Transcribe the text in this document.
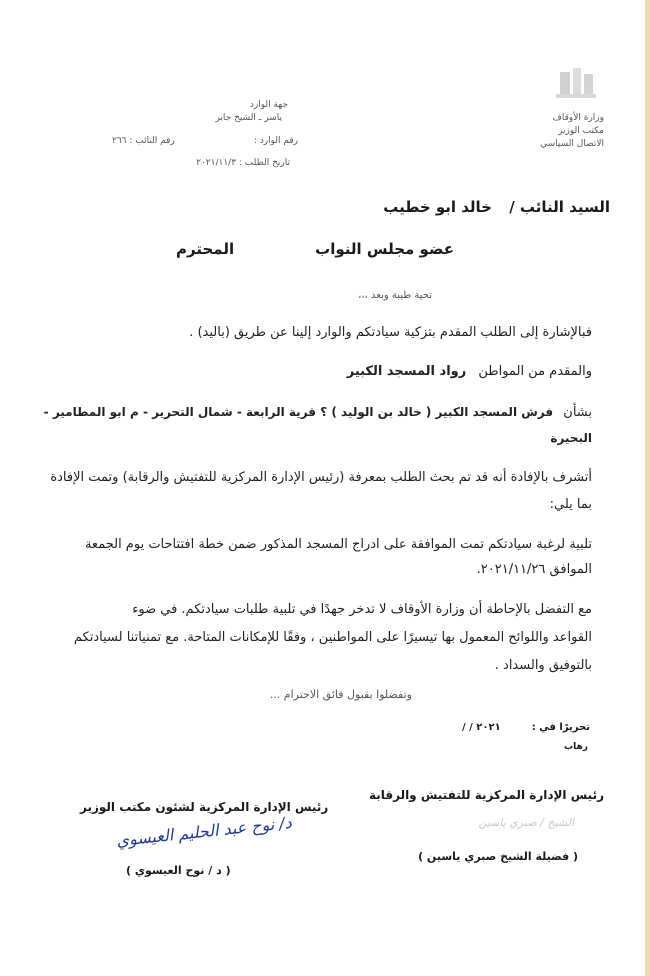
وزارة الأوقاف
مكتب الوزير
الاتصال السياسي
جهة الوارد
ياسر ـ الشيخ جابر
رقم الوارد :
رقم النائب : ٢٦٦
تاريخ الطلب : ٢٠٢١/١١/٣
السيد النائب /
خالد ابو خطيب
عضو مجلس النواب
المحترم
تحية طيبة وبعد ،،،
فبالإشارة إلى الطلب المقدم بتزكية سيادتكم والوارد إلينا عن طريق (باليد) .
والمقدم من المواطن رواد المسجد الكبير
بشأن فرش المسجد الكبير ( خالد بن الوليد ) ؟ قرية الرابعة - شمال التحرير - م ابو المطامير -
البحيرة
أتشرف بالإفادة أنه قد تم بحث الطلب بمعرفة (رئيس الإدارة المركزية للتفتيش والرقابة) وتمت الإفادة
بما يلي:
تلبية لرغبة سيادتكم تمت الموافقة على ادراج المسجد المذكور ضمن خطة افتتاحات يوم الجمعة
الموافق ٢٠٢١/١١/٢٦.
مع التفضل بالإحاطة أن وزارة الأوقاف لا تدخر جهدًا في تلبية طلبات سيادتكم. في ضوء
القواعد واللوائح المعمول بها تيسيرًا على المواطنين ، وفقًا للإمكانات المتاحة. مع تمنياتنا لسيادتكم
بالتوفيق والسداد .
وتفضلوا بقبول فائق الاحترام ...
تحريرًا في :
/ / ٢٠٢١
رهاب
رئيس الإدارة المركزية للتفتيش والرقابة
الشيخ / صبري ياسين
( فضيلة الشيخ صبري ياسين )
رئيس الإدارة المركزية لشئون مكتب الوزير
د/ نوح عبد الحليم العيسوي
( د / نوح العيسوي )
